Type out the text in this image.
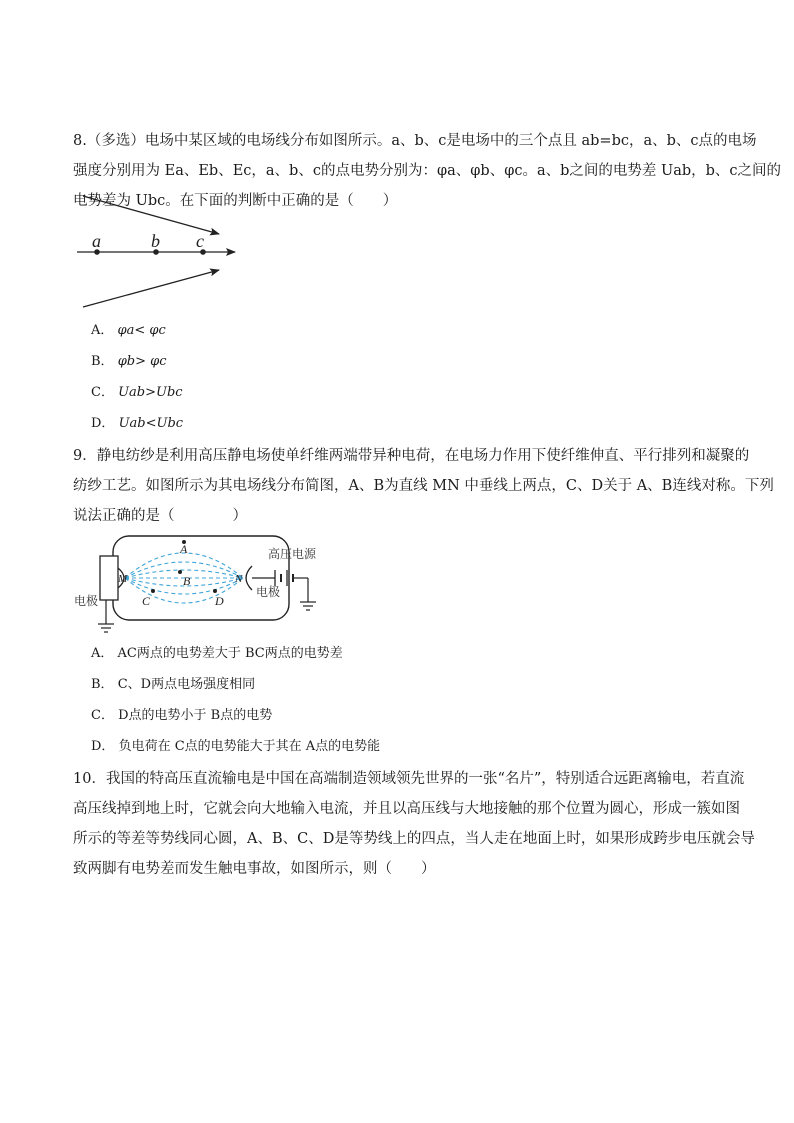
8.（多选）电场中某区域的电场线分布如图所示。a、b、c是电场中的三个点且 ab=bc，a、b、c点的电场
强度分别用为 Ea、Eb、Ec，a、b、c的点电势分别为：φa、φb、φc。a、b之间的电势差 Uab，b、c之间的
电势差为 Ubc。在下面的判断中正确的是（　　）
a	b c
A． φa< φc
B． φb> φc
C． Uab>Ubc
D． Uab<Ubc
9．静电纺纱是利用高压静电场使单纤维两端带异种电荷，在电场力作用下使纤维伸直、平行排列和凝聚的
纺纱工艺。如图所示为其电场线分布简图，A、B为直线 MN 中垂线上两点，C、D关于 A、B连线对称。下列
说法正确的是（　　　　）
A
B
C	D
M	N
高压电源
电极
电极
A． AC两点的电势差大于 BC两点的电势差
B． C、D两点电场强度相同
C． D点的电势小于 B点的电势
D． 负电荷在 C点的电势能大于其在 A点的电势能
10．我国的特高压直流输电是中国在高端制造领域领先世界的一张“名片”，特别适合远距离输电，若直流
高压线掉到地上时，它就会向大地输入电流，并且以高压线与大地接触的那个位置为圆心，形成一簇如图
所示的等差等势线同心圆，A、B、C、D是等势线上的四点，当人走在地面上时，如果形成跨步电压就会导
致两脚有电势差而发生触电事故，如图所示，则（　　）
